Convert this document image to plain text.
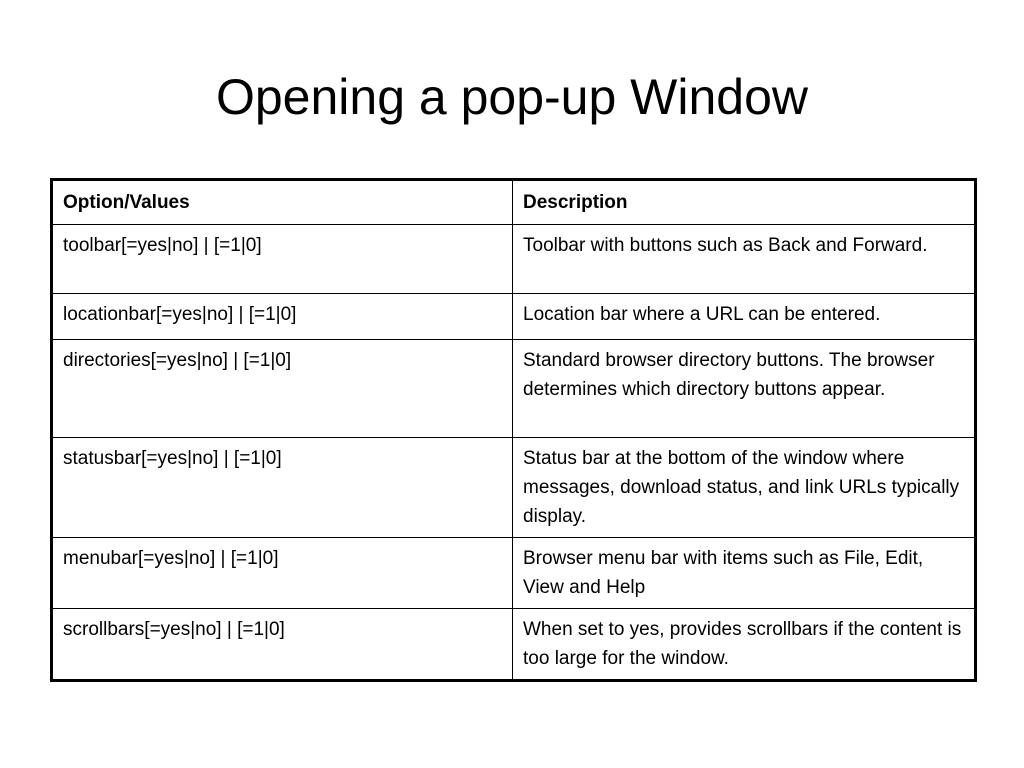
Opening a pop-up Window
Option/Values	Description
toolbar[=yes|no] | [=1|0]	Toolbar with buttons such as Back and Forward.
locationbar[=yes|no] | [=1|0]	Location bar where a URL can be entered.
directories[=yes|no] | [=1|0]	Standard browser directory buttons. The browser determines which directory buttons appear.
statusbar[=yes|no] | [=1|0]	Status bar at the bottom of the window where messages, download status, and link URLs typically display.
menubar[=yes|no] | [=1|0]	Browser menu bar with items such as File, Edit, View and Help
scrollbars[=yes|no] | [=1|0]	When set to yes, provides scrollbars if the content is too large for the window.
